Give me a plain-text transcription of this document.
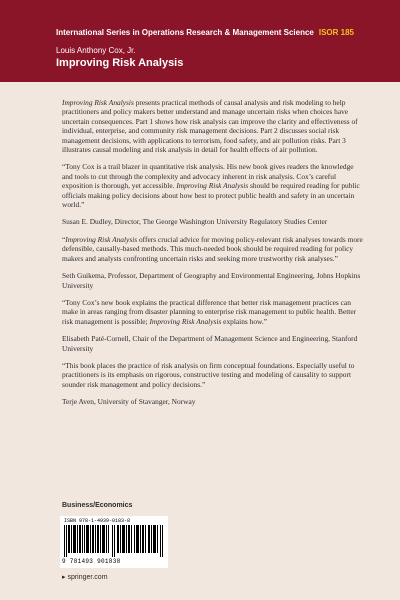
International Series in Operations Research & Management Science ISOR 185
Louis Anthony Cox, Jr.
Improving Risk Analysis

Improving Risk Analysis presents practical methods of causal analysis and risk modeling to help practitioners and policy makers better understand and manage uncertain risks when choices have uncertain consequences. Part 1 shows how risk analysis can improve the clarity and effectiveness of individual, enterprise, and community risk management decisions. Part 2 discusses social risk management decisions, with applications to terrorism, food safety, and air pollution risks. Part 3 illustrates causal modeling and risk analysis in detail for health effects of air pollution.

“Tony Cox is a trail blazer in quantitative risk analysis. His new book gives readers the knowledge and tools to cut through the complexity and advocacy inherent in risk analysis. Cox’s careful exposition is thorough, yet accessible. Improving Risk Analysis should be required reading for public officials making policy decisions about how best to protect public health and safety in an uncertain world.”

Susan E. Dudley, Director, The George Washington University Regulatory Studies Center

“Improving Risk Analysis offers crucial advice for moving policy-relevant risk analyses towards more defensible, causally-based methods. This much-needed book should be required reading for policy makers and analysts confronting uncertain risks and seeking more trustworthy risk analyses.”

Seth Guikema, Professor, Department of Geography and Environmental Engineering, Johns Hopkins University

“Tony Cox’s new book explains the practical difference that better risk management practices can make in areas ranging from disaster planning to enterprise risk management to public health. Better risk management is possible; Improving Risk Analysis explains how.”

Elisabeth Paté-Cornell, Chair of the Department of Management Science and Engineering, Stanford University

“This book places the practice of risk analysis on firm conceptual foundations. Especially useful to practitioners is its emphasis on rigorous, constructive testing and modeling of causality to support sounder risk management and policy decisions.”

Terje Aven, University of Stavanger, Norway

Business/Economics
ISBN 978-1-4939-0183-8
9 781493 901838
▸ springer.com
